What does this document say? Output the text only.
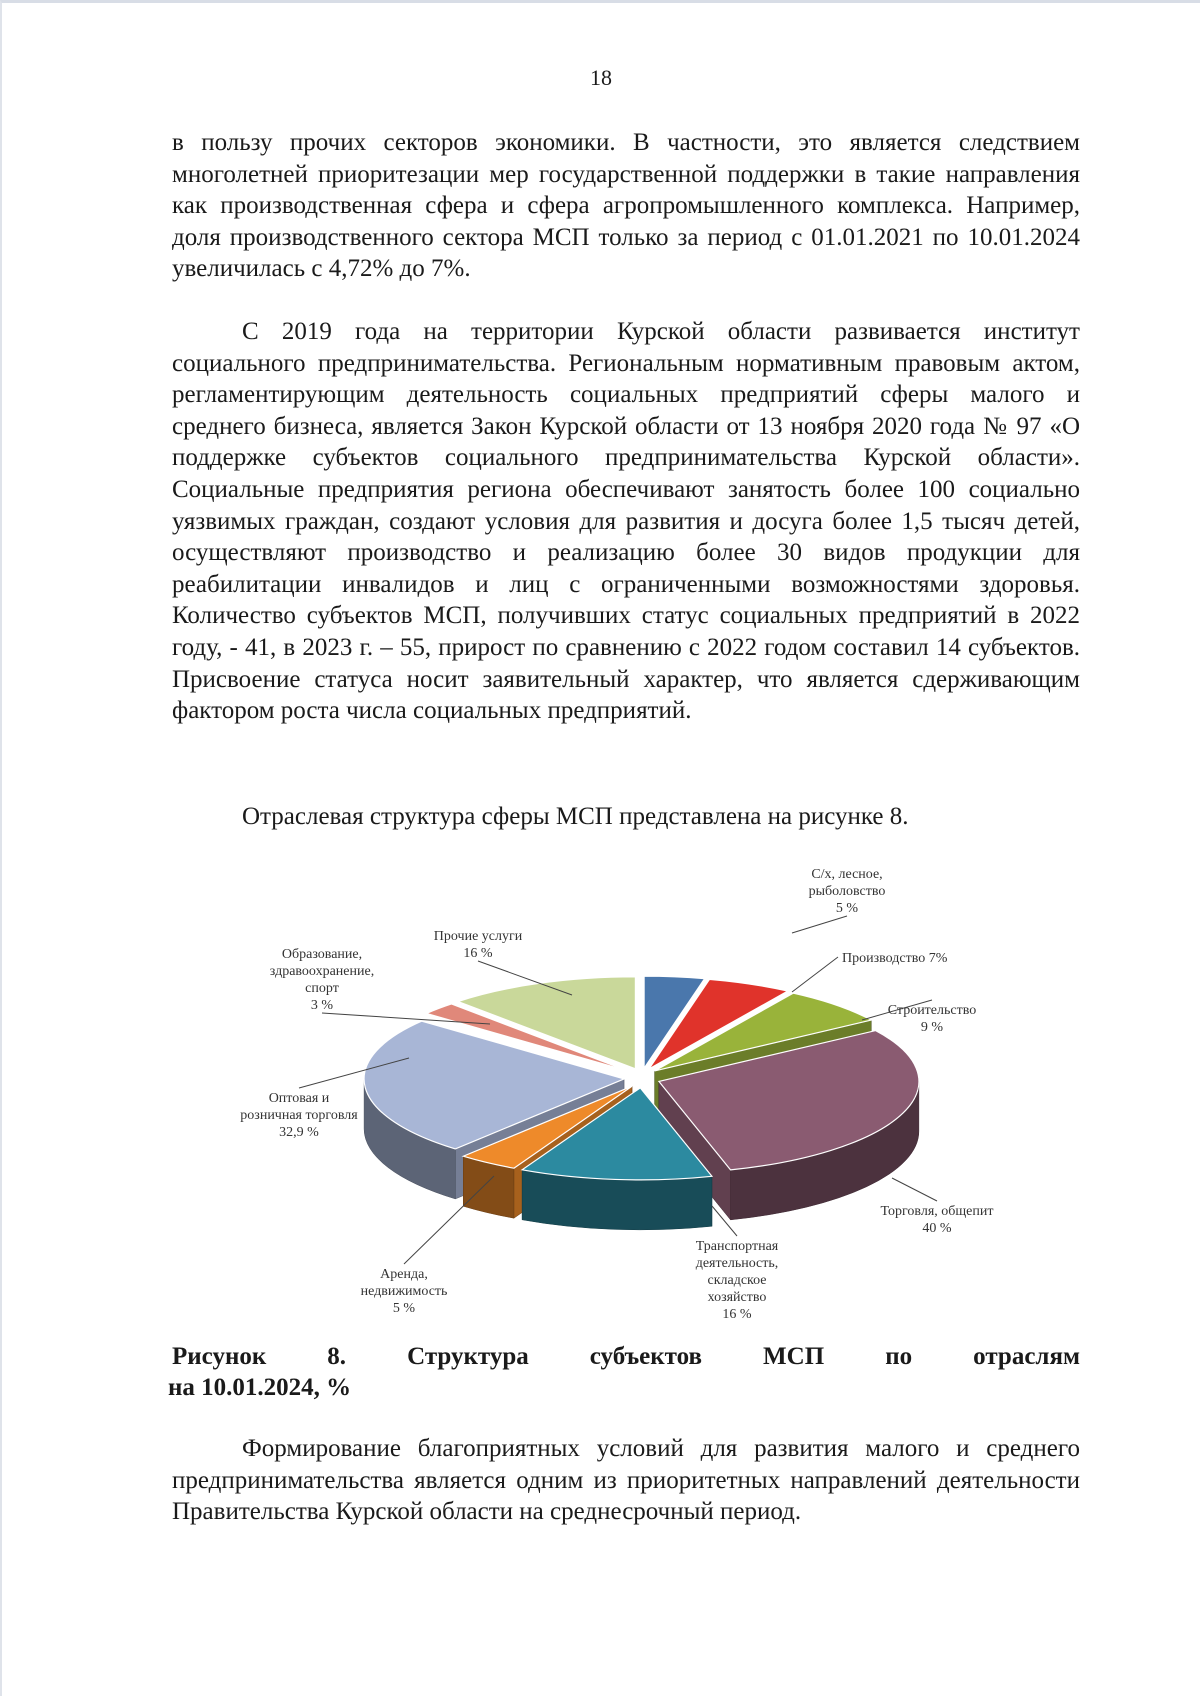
18

в пользу прочих секторов экономики. В частности, это является следствием многолетней приоритезации мер государственной поддержки в такие направления как производственная сфера и сфера агропромышленного комплекса. Например, доля производственного сектора МСП только за период с 01.01.2021 по 10.01.2024 увеличилась с 4,72% до 7%.

С 2019 года на территории Курской области развивается институт социального предпринимательства. Региональным нормативным правовым актом, регламентирующим деятельность социальных предприятий сферы малого и среднего бизнеса, является Закон Курской области от 13 ноября 2020 года № 97 «О поддержке субъектов социального предпринимательства Курской области». Социальные предприятия региона обеспечивают занятость более 100 социально уязвимых граждан, создают условия для развития и досуга более 1,5 тысяч детей, осуществляют производство и реализацию более 30 видов продукции для реабилитации инвалидов и лиц с ограниченными возможностями здоровья. Количество субъектов МСП, получивших статус социальных предприятий в 2022 году, - 41, в 2023 г. – 55, прирост по сравнению с 2022 годом составил 14 субъектов. Присвоение статуса носит заявительный характер, что является сдерживающим фактором роста числа социальных предприятий.

Отраслевая структура сферы МСП представлена на рисунке 8.

С/х, лесное, рыболовство 5 %
Производство 7%
Строительство 9 %
Торговля, общепит 40 %
Транспортная деятельность, складское хозяйство 16 %
Аренда, недвижимость 5 %
Оптовая и розничная торговля 32,9 %
Образование, здравоохранение, спорт 3 %
Прочие услуги 16 %
Рисунок 8. Структура субъектов МСП по отраслям
на 10.01.2024, %

Формирование благоприятных условий для развития малого и среднего предпринимательства является одним из приоритетных направлений деятельности Правительства Курской области на среднесрочный период.
